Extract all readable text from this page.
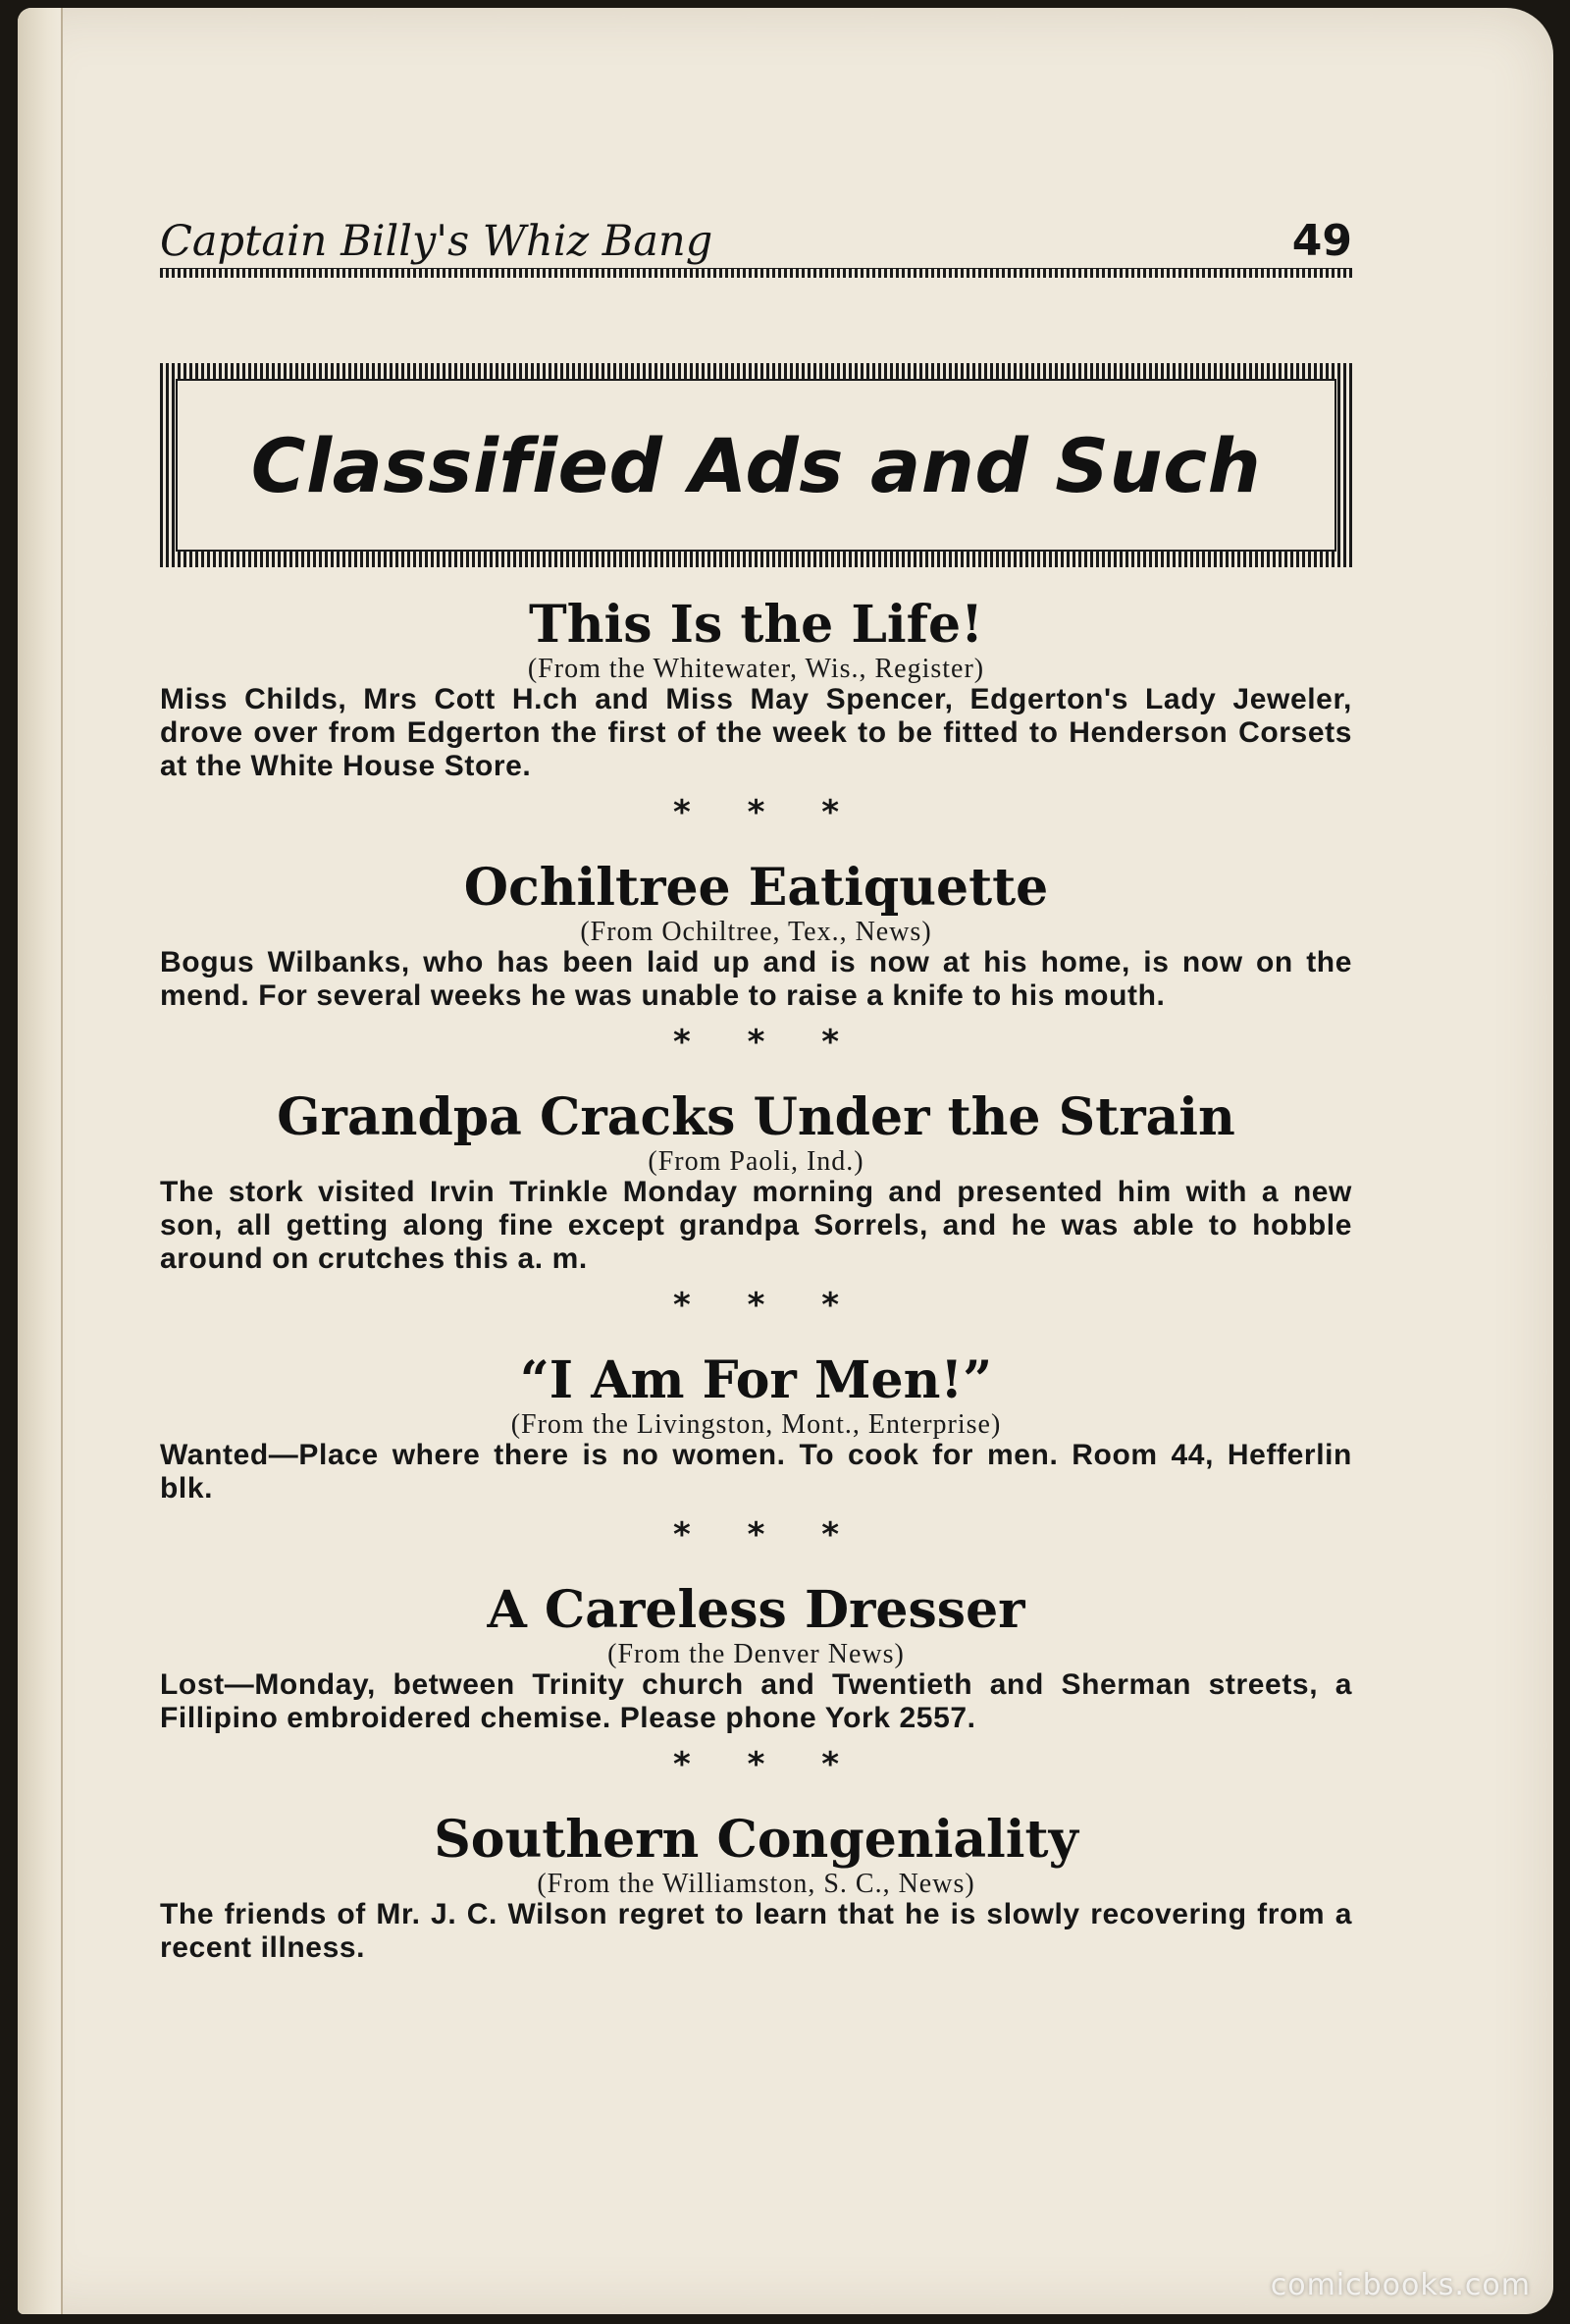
Captain Billy's Whiz Bang	49
Classified Ads and Such
This Is the Life!
(From the Whitewater, Wis., Register)

Miss Childs, Mrs Cott H.ch and Miss May Spencer, Edgerton's Lady Jeweler, drove over from Edgerton the first of the week to be fitted to Henderson Corsets at the White House Store.

* * *
Ochiltree Eatiquette
(From Ochiltree, Tex., News)

Bogus Wilbanks, who has been laid up and is now at his home, is now on the mend. For several weeks he was unable to raise a knife to his mouth.

* * *
Grandpa Cracks Under the Strain
(From Paoli, Ind.)

The stork visited Irvin Trinkle Monday morning and presented him with a new son, all getting along fine except grandpa Sorrels, and he was able to hobble around on crutches this a. m.

* * *
“I Am For Men!”
(From the Livingston, Mont., Enterprise)

Wanted—Place where there is no women. To cook for men. Room 44, Hefferlin blk.

* * *
A Careless Dresser
(From the Denver News)

Lost—Monday, between Trinity church and Twentieth and Sherman streets, a Fillipino embroidered chemise. Please phone York 2557.

* * *
Southern Congeniality
(From the Williamston, S. C., News)

The friends of Mr. J. C. Wilson regret to learn that he is slowly recovering from a recent illness.

comicbooks.com
